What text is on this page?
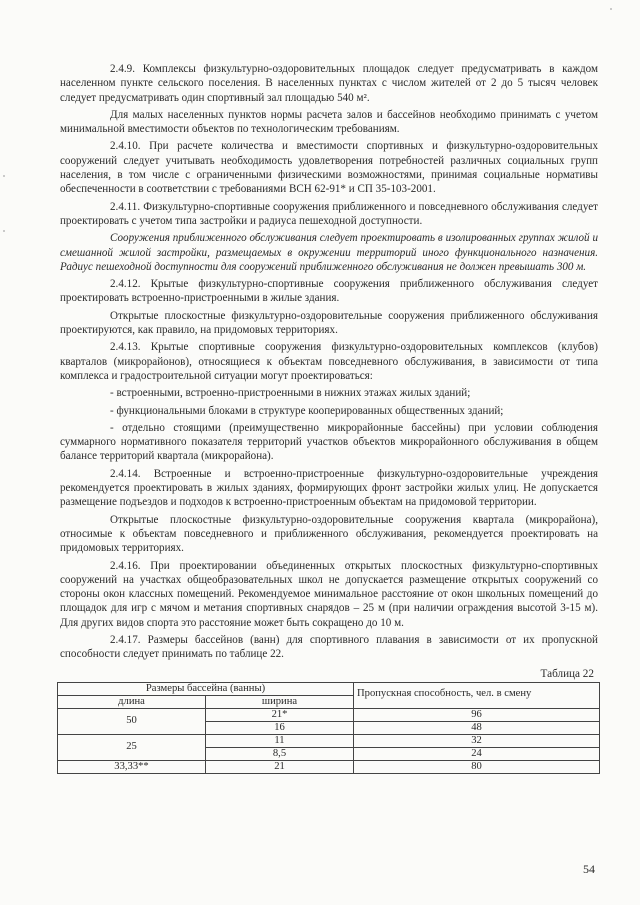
2.4.9. Комплексы физкультурно-оздоровительных площадок следует предусматривать в каждом населенном пункте сельского поселения. В населенных пунктах с числом жителей от 2 до 5 тысяч человек следует предусматривать один спортивный зал площадью 540 м².

Для малых населенных пунктов нормы расчета залов и бассейнов необходимо принимать с учетом минимальной вместимости объектов по технологическим требованиям.

2.4.10. При расчете количества и вместимости спортивных и физкультурно-оздоровительных сооружений следует учитывать необходимость удовлетворения потребностей различных социальных групп населения, в том числе с ограниченными физическими возможностями, принимая социальные нормативы обеспеченности в соответствии с требованиями ВСН 62-91* и СП 35-103-2001.

2.4.11. Физкультурно-спортивные сооружения приближенного и повседневного обслуживания следует проектировать с учетом типа застройки и радиуса пешеходной доступности.

Сооружения приближенного обслуживания следует проектировать в изолированных группах жилой и смешанной жилой застройки, размещаемых в окружении территорий иного функционального назначения. Радиус пешеходной доступности для сооружений приближенного обслуживания не должен превышать 300 м.

2.4.12. Крытые физкультурно-спортивные сооружения приближенного обслуживания следует проектировать встроенно-пристроенными в жилые здания.

Открытые плоскостные физкультурно-оздоровительные сооружения приближенного обслуживания проектируются, как правило, на придомовых территориях.

2.4.13. Крытые спортивные сооружения физкультурно-оздоровительных комплексов (клубов) кварталов (микрорайонов), относящиеся к объектам повседневного обслуживания, в зависимости от типа комплекса и градостроительной ситуации могут проектироваться:

- встроенными, встроенно-пристроенными в нижних этажах жилых зданий;

- функциональными блоками в структуре кооперированных общественных зданий;

- отдельно стоящими (преимущественно микрорайонные бассейны) при условии соблюдения суммарного нормативного показателя территорий участков объектов микрорайонного обслуживания в общем балансе территорий квартала (микрорайона).

2.4.14. Встроенные и встроенно-пристроенные физкультурно-оздоровительные учреждения рекомендуется проектировать в жилых зданиях, формирующих фронт застройки жилых улиц. Не допускается размещение подъездов и подходов к встроенно-пристроенным объектам на придомовой территории.

Открытые плоскостные физкультурно-оздоровительные сооружения квартала (микрорайона), относимые к объектам повседневного и приближенного обслуживания, рекомендуется проектировать на придомовых территориях.

2.4.16. При проектировании объединенных открытых плоскостных физкультурно-спортивных сооружений на участках общеобразовательных школ не допускается размещение открытых сооружений со стороны окон классных помещений. Рекомендуемое минимальное расстояние от окон школьных помещений до площадок для игр с мячом и метания спортивных снарядов – 25 м (при наличии ограждения высотой 3-15 м). Для других видов спорта это расстояние может быть сокращено до 10 м.

2.4.17. Размеры бассейнов (ванн) для спортивного плавания в зависимости от их пропускной способности следует принимать по таблице 22.

Таблица 22
Размеры бассейна (ванны)		Пропускная способность, чел. в смену
длина	ширина	
50	21*	96
	16	48
25	11	32
	8,5	24
33,33**	21	80
54
